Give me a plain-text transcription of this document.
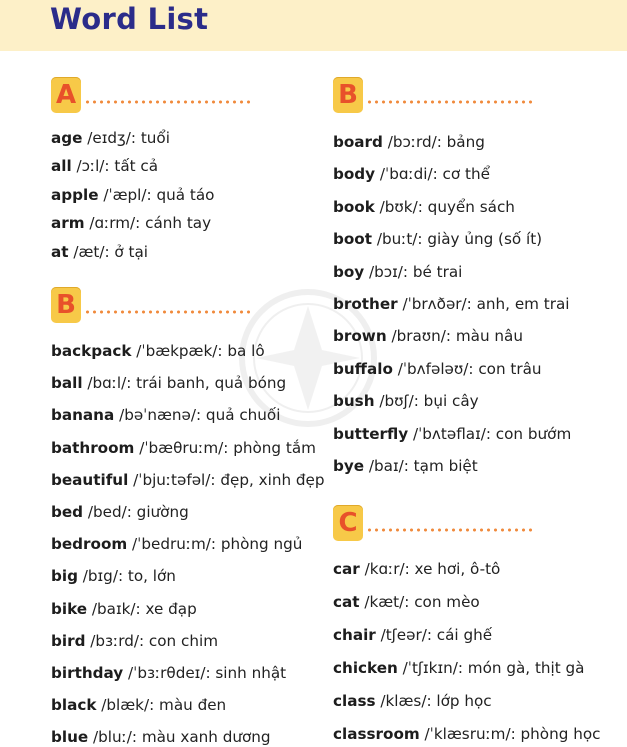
Word List
A
age /eɪdʒ/: tuổi
all /ɔːl/: tất cả
apple /ˈæpl/: quả táo
arm /ɑːrm/: cánh tay
at /æt/: ở tại
B
backpack /ˈbækpæk/: ba lô
ball /bɑːl/: trái banh, quả bóng
banana /bəˈnænə/: quả chuối
bathroom /ˈbæθruːm/: phòng tắm
beautiful /ˈbjuːtəfəl/: đẹp, xinh đẹp
bed /bed/: giường
bedroom /ˈbedruːm/: phòng ngủ
big /bɪg/: to, lớn
bike /baɪk/: xe đạp
bird /bɜːrd/: con chim
birthday /ˈbɜːrθdeɪ/: sinh nhật
black /blæk/: màu đen
blue /bluː/: màu xanh dương
B
board /bɔːrd/: bảng
body /ˈbɑːdi/: cơ thể
book /bʊk/: quyển sách
boot /buːt/: giày ủng (số ít)
boy /bɔɪ/: bé trai
brother /ˈbrʌðər/: anh, em trai
brown /braʊn/: màu nâu
buffalo /ˈbʌfələʊ/: con trâu
bush /bʊʃ/: bụi cây
butterfly /ˈbʌtəflaɪ/: con bướm
bye /baɪ/: tạm biệt
C
car /kɑːr/: xe hơi, ô-tô
cat /kæt/: con mèo
chair /tʃeər/: cái ghế
chicken /ˈtʃɪkɪn/: món gà, thịt gà
class /klæs/: lớp học
classroom /ˈklæsruːm/: phòng học
